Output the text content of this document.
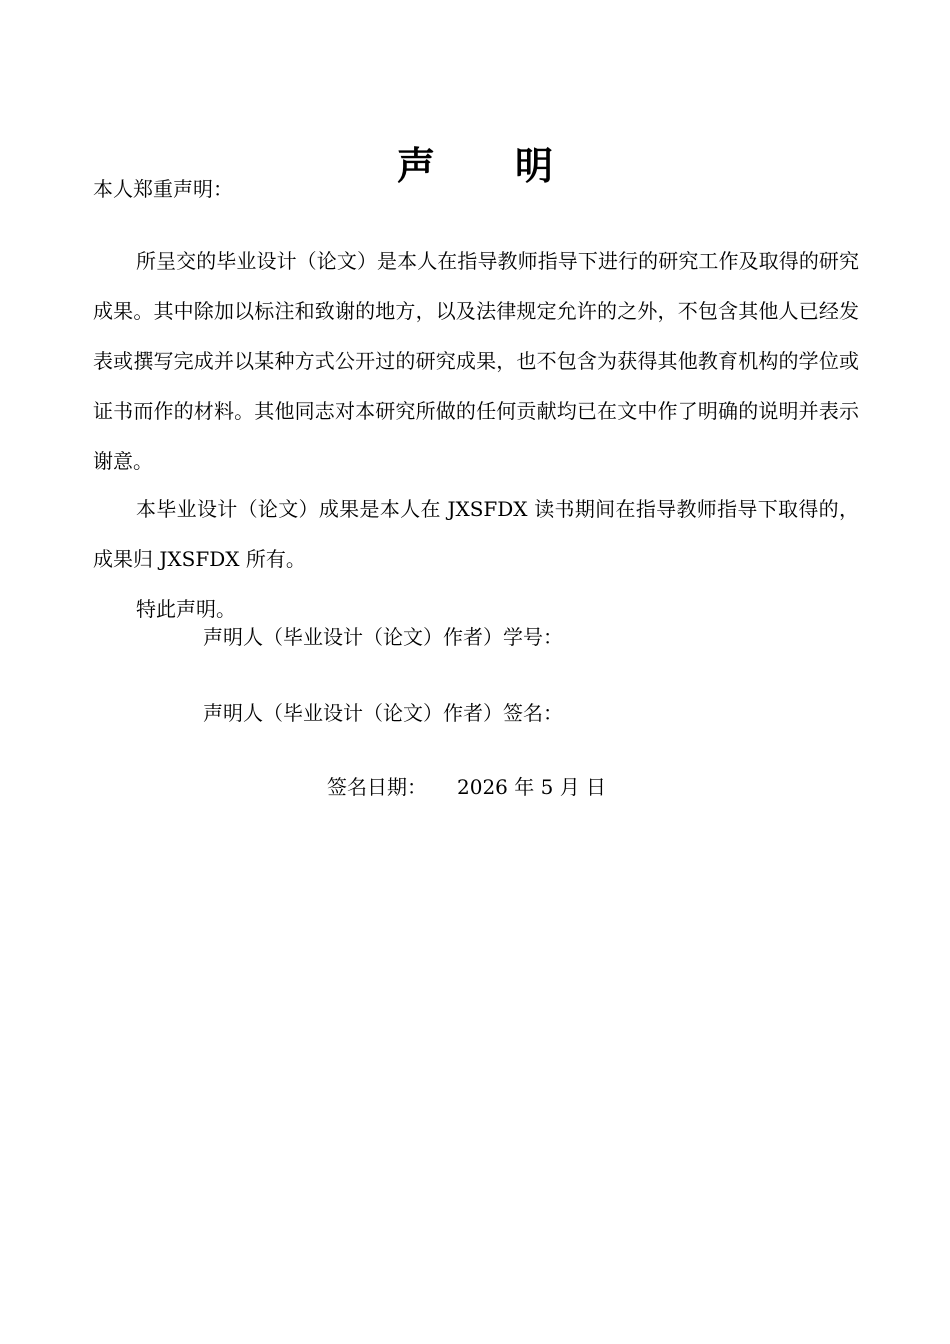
声 明
本人郑重声明：

所呈交的毕业设计（论文）是本人在指导教师指导下进行的研究工作及取得的研究成果。其中除加以标注和致谢的地方，以及法律规定允许的之外，不包含其他人已经发表或撰写完成并以某种方式公开过的研究成果，也不包含为获得其他教育机构的学位或证书而作的材料。其他同志对本研究所做的任何贡献均已在文中作了明确的说明并表示谢意。

本毕业设计（论文）成果是本人在 JXSFDX 读书期间在指导教师指导下取得的，成果归 JXSFDX 所有。

特此声明。

声明人（毕业设计（论文）作者）学号：
声明人（毕业设计（论文）作者）签名：
签名日期： 2026 年 5 月 日
